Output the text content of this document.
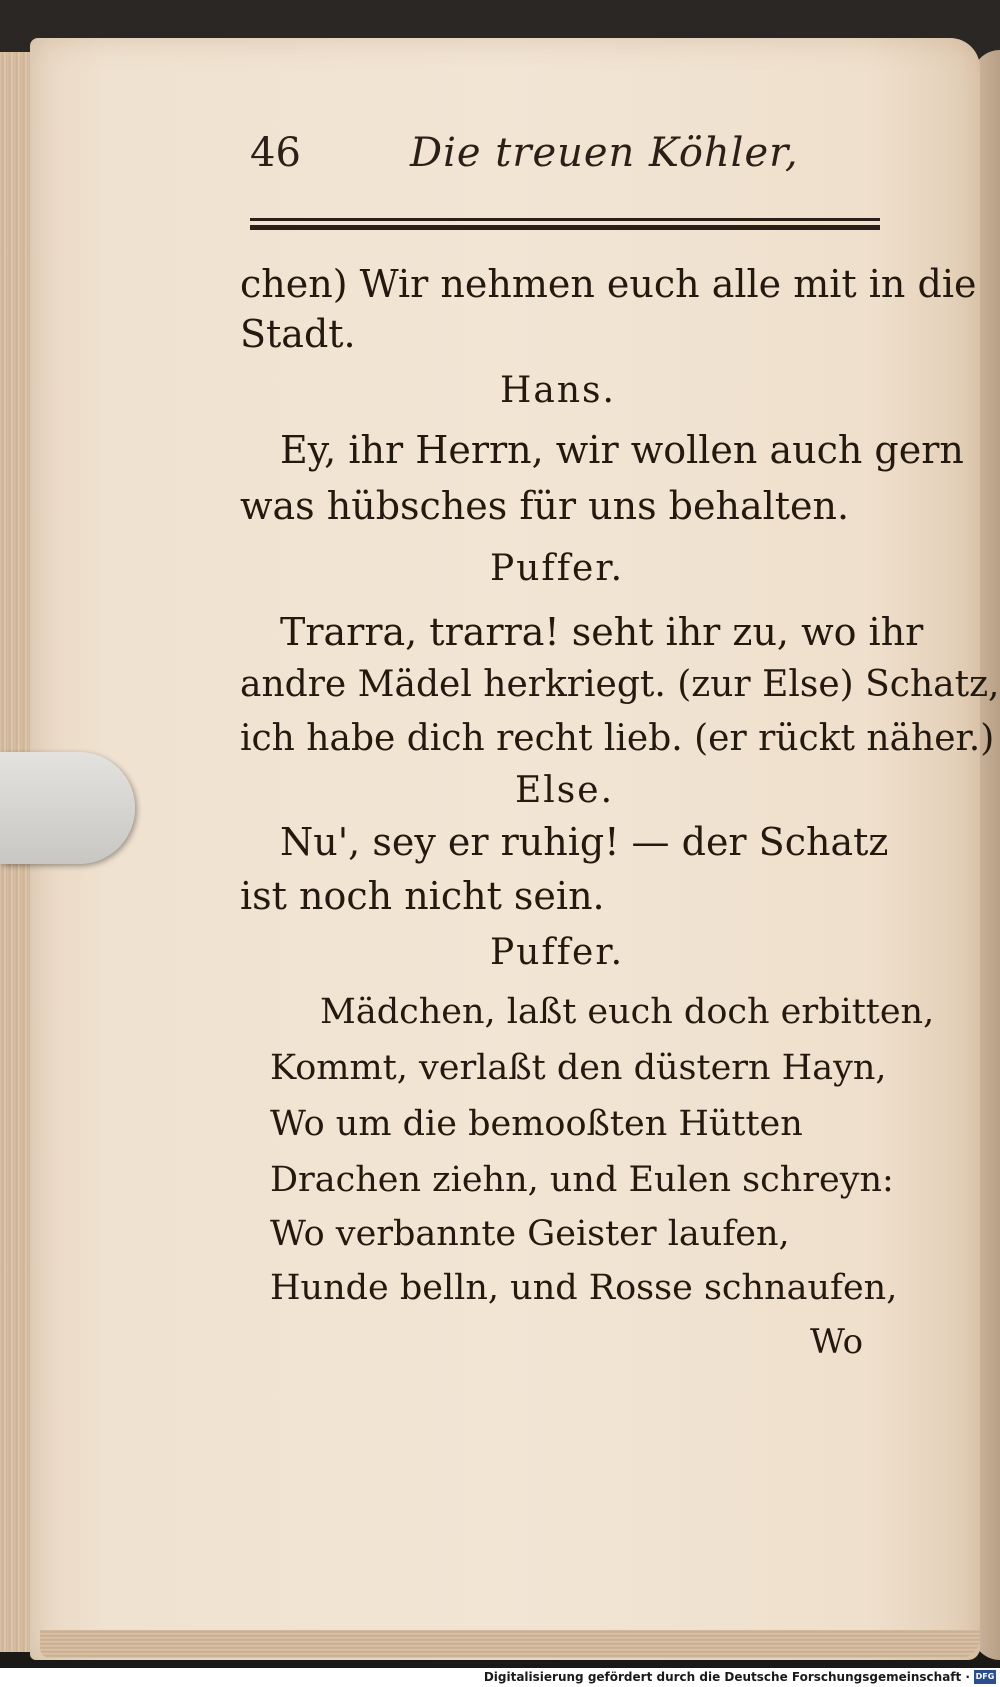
46	Die treuen Köhler,
chen) Wir nehmen euch alle mit in die
Stadt.
Hans.
Ey, ihr Herrn, wir wollen auch gern
was hübsches für uns behalten.
Puffer.
Trarra, trarra! seht ihr zu, wo ihr
andre Mädel herkriegt. (zur Else) Schatz,
ich habe dich recht lieb. (er rückt näher.)
Else.
Nu', sey er ruhig! — der Schatz
ist noch nicht sein.
Puffer.
Mädchen, laßt euch doch erbitten,
Kommt, verlaßt den düstern Hayn,
Wo um die bemooßten Hütten
Drachen ziehn, und Eulen schreyn:
Wo verbannte Geister laufen,
Hunde belln, und Rosse schnaufen,
Wo
Digitalisierung gefördert durch die Deutsche Forschungsgemeinschaft · DFG
